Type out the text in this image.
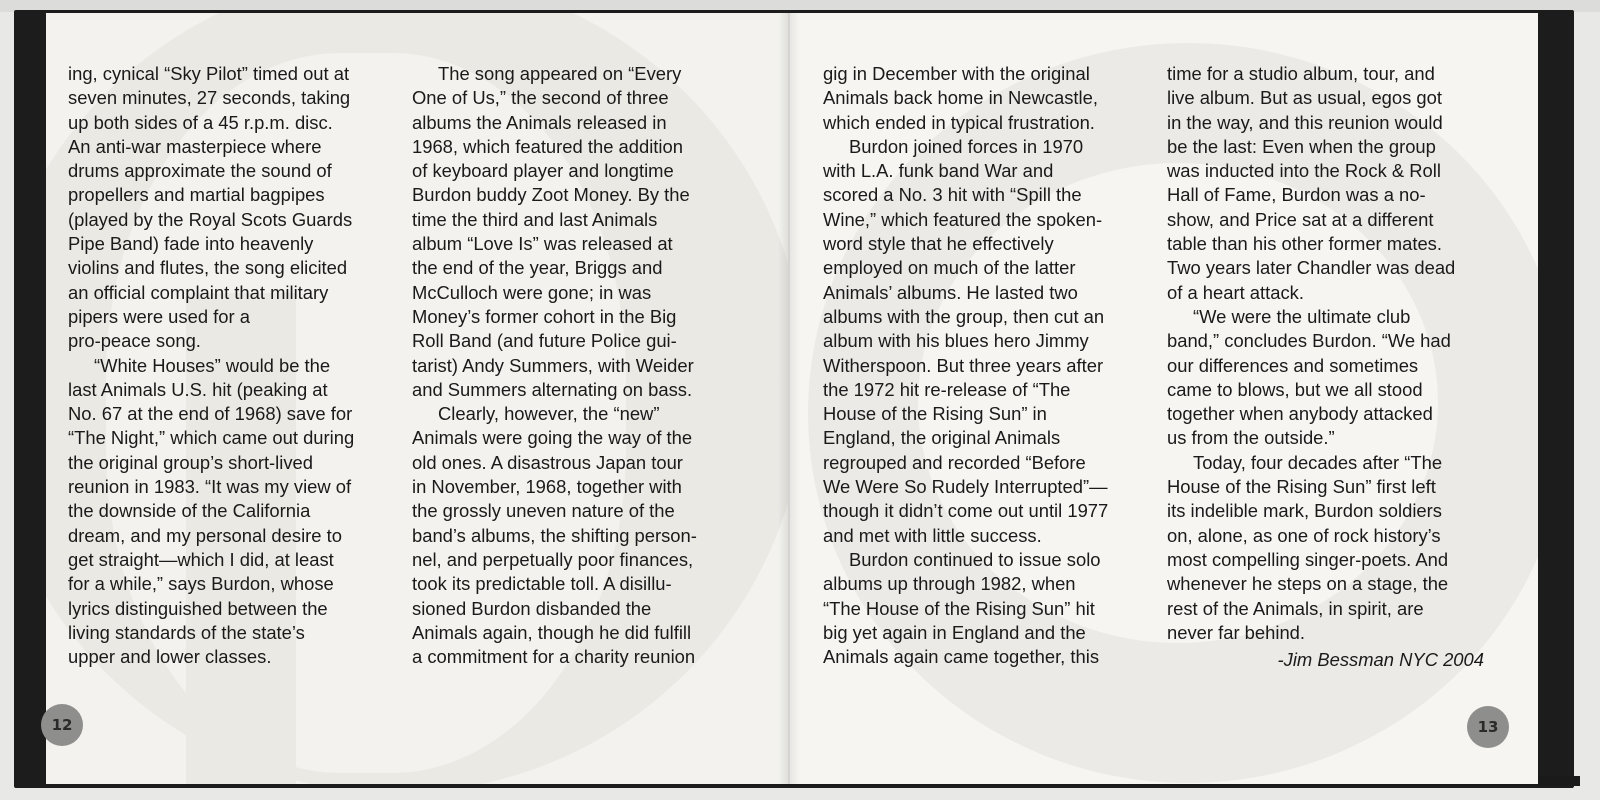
ing, cynical “Sky Pilot” timed out at
seven minutes, 27 seconds, taking
up both sides of a 45 r.p.m. disc.
An anti-war masterpiece where
drums approximate the sound of
propellers and martial bagpipes
(played by the Royal Scots Guards
Pipe Band) fade into heavenly
violins and flutes, the song elicited
an official complaint that military
pipers were used for a
pro-peace song.

“White Houses” would be the
last Animals U.S. hit (peaking at
No. 67 at the end of 1968) save for
“The Night,” which came out during
the original group’s short-lived
reunion in 1983. “It was my view of
the downside of the California
dream, and my personal desire to
get straight—which I did, at least
for a while,” says Burdon, whose
lyrics distinguished between the
living standards of the state’s
upper and lower classes.

The song appeared on “Every
One of Us,” the second of three
albums the Animals released in
1968, which featured the addition
of keyboard player and longtime
Burdon buddy Zoot Money. By the
time the third and last Animals
album “Love Is” was released at
the end of the year, Briggs and
McCulloch were gone; in was
Money’s former cohort in the Big
Roll Band (and future Police gui-
tarist) Andy Summers, with Weider
and Summers alternating on bass.

Clearly, however, the “new”
Animals were going the way of the
old ones. A disastrous Japan tour
in November, 1968, together with
the grossly uneven nature of the
band’s albums, the shifting person-
nel, and perpetually poor finances,
took its predictable toll. A disillu-
sioned Burdon disbanded the
Animals again, though he did fulfill
a commitment for a charity reunion

gig in December with the original
Animals back home in Newcastle,
which ended in typical frustration.

Burdon joined forces in 1970
with L.A. funk band War and
scored a No. 3 hit with “Spill the
Wine,” which featured the spoken-
word style that he effectively
employed on much of the latter
Animals’ albums. He lasted two
albums with the group, then cut an
album with his blues hero Jimmy
Witherspoon. But three years after
the 1972 hit re-release of “The
House of the Rising Sun” in
England, the original Animals
regrouped and recorded “Before
We Were So Rudely Interrupted”—
though it didn’t come out until 1977
and met with little success.

Burdon continued to issue solo
albums up through 1982, when
“The House of the Rising Sun” hit
big yet again in England and the
Animals again came together, this

time for a studio album, tour, and
live album. But as usual, egos got
in the way, and this reunion would
be the last: Even when the group
was inducted into the Rock & Roll
Hall of Fame, Burdon was a no-
show, and Price sat at a different
table than his other former mates.
Two years later Chandler was dead
of a heart attack.

“We were the ultimate club
band,” concludes Burdon. “We had
our differences and sometimes
came to blows, but we all stood
together when anybody attacked
us from the outside.”

Today, four decades after “The
House of the Rising Sun” first left
its indelible mark, Burdon soldiers
on, alone, as one of rock history’s
most compelling singer-poets. And
whenever he steps on a stage, the
rest of the Animals, in spirit, are
never far behind.

-Jim Bessman NYC 2004
12	13
